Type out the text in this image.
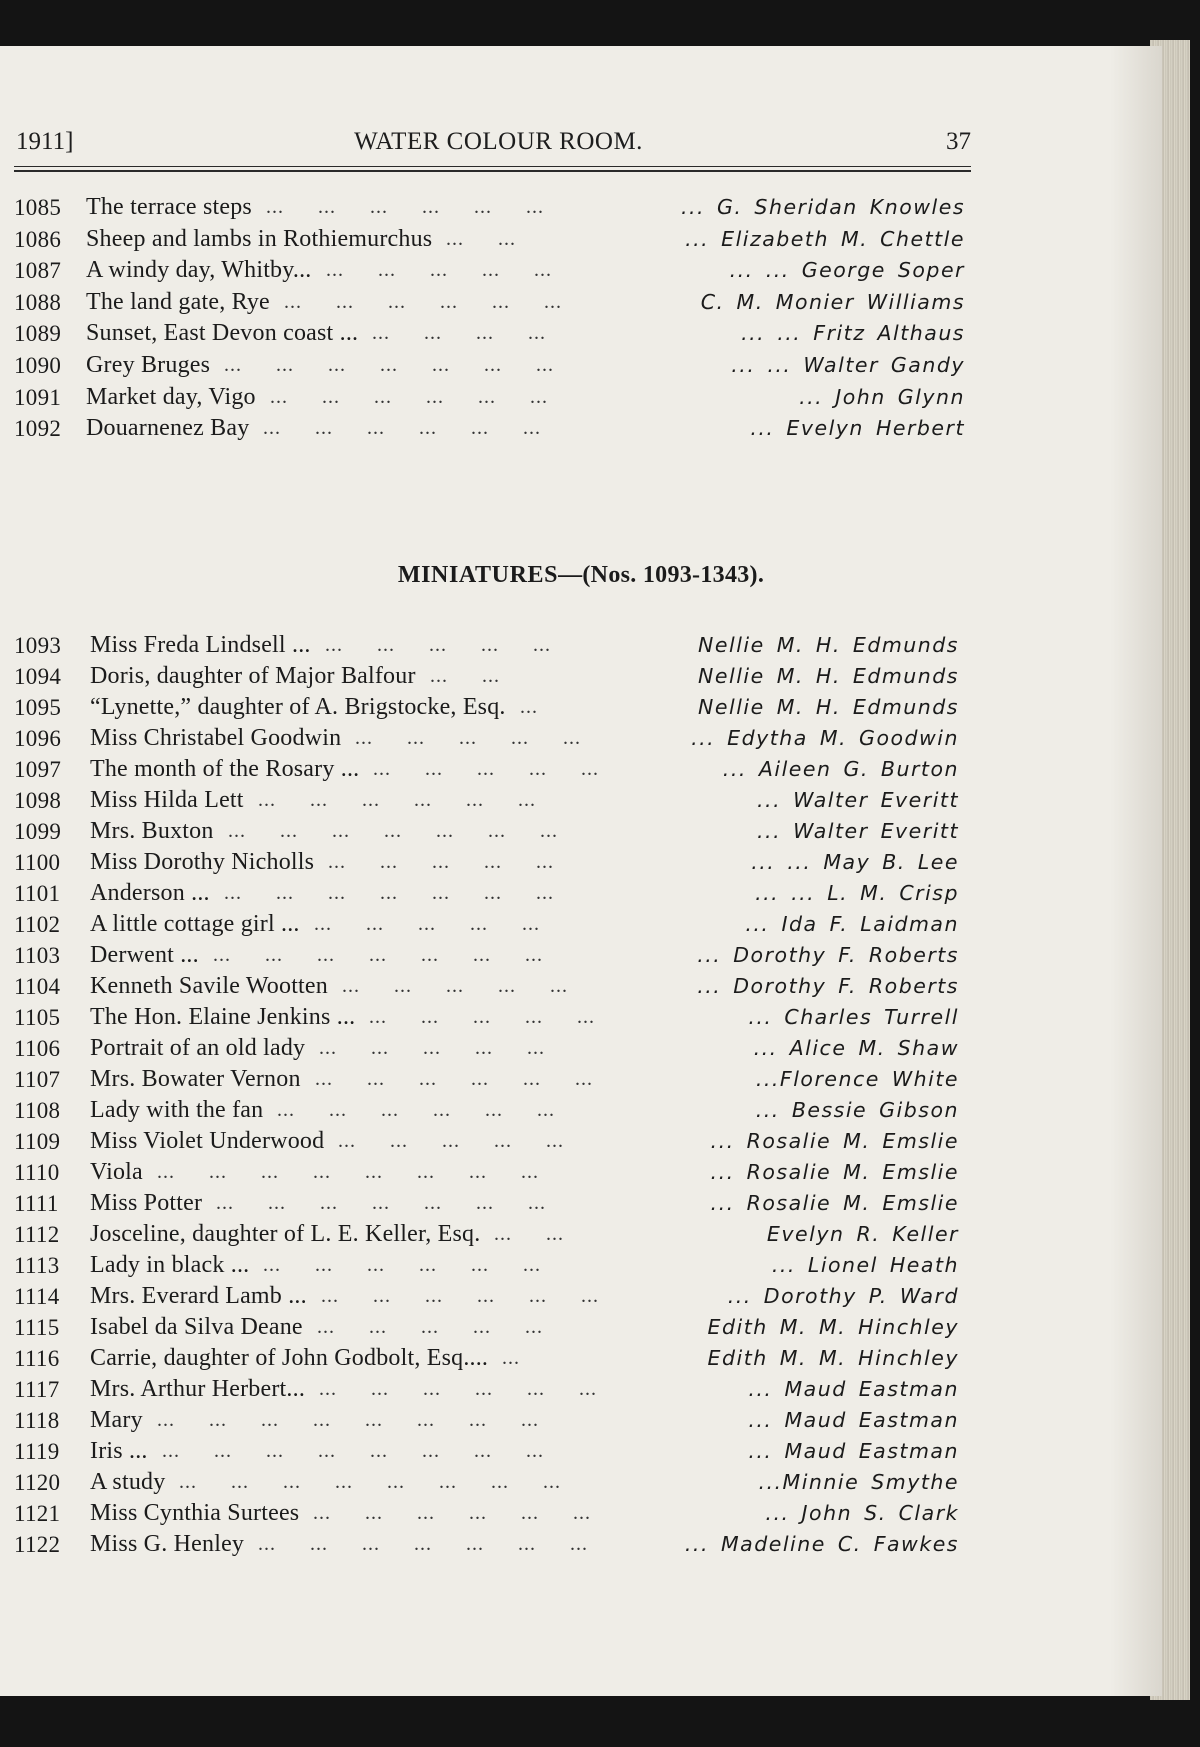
1911]	WATER COLOUR ROOM.	37
1085 The terrace steps ... ... ... ... ... ...	... G. Sheridan Knowles
1086 Sheep and lambs in Rothiemurchus ... ...	... Elizabeth M. Chettle
1087 A windy day, Whitby... ... ... ... ... ...	... ... George Soper
1088 The land gate, Rye ... ... ... ... ... ...	C. M. Monier Williams
1089 Sunset, East Devon coast ... ... ... ... ...	... ... Fritz Althaus
1090 Grey Bruges ... ... ... ... ... ... ...	... ... Walter Gandy
1091 Market day, Vigo ... ... ... ... ... ...	... John Glynn
1092 Douarnenez Bay ... ... ... ... ... ...	... Evelyn Herbert
MINIATURES—(Nos. 1093-1343).
1093 Miss Freda Lindsell ... ... ... ... ... ...	Nellie M. H. Edmunds
1094 Doris, daughter of Major Balfour ... ...	Nellie M. H. Edmunds
1095 “Lynette,” daughter of A. Brigstocke, Esq. ...	Nellie M. H. Edmunds
1096 Miss Christabel Goodwin ... ... ... ... ...	... Edytha M. Goodwin
1097 The month of the Rosary ... ... ... ... ... ...	... Aileen G. Burton
1098 Miss Hilda Lett ... ... ... ... ... ...	... Walter Everitt
1099 Mrs. Buxton ... ... ... ... ... ... ...	... Walter Everitt
1100 Miss Dorothy Nicholls ... ... ... ... ...	... ... May B. Lee
1101 Anderson ... ... ... ... ... ... ... ...	... ... L. M. Crisp
1102 A little cottage girl ... ... ... ... ... ...	... Ida F. Laidman
1103 Derwent ... ... ... ... ... ... ... ...	... Dorothy F. Roberts
1104 Kenneth Savile Wootten ... ... ... ... ...	... Dorothy F. Roberts
1105 The Hon. Elaine Jenkins ... ... ... ... ... ...	... Charles Turrell
1106 Portrait of an old lady ... ... ... ... ...	... Alice M. Shaw
1107 Mrs. Bowater Vernon ... ... ... ... ... ...	...Florence White
1108 Lady with the fan ... ... ... ... ... ...	... Bessie Gibson
1109 Miss Violet Underwood ... ... ... ... ...	... Rosalie M. Emslie
1110 Viola ... ... ... ... ... ... ... ...	... Rosalie M. Emslie
1111 Miss Potter ... ... ... ... ... ... ...	... Rosalie M. Emslie
1112 Josceline, daughter of L. E. Keller, Esq. ... ...	Evelyn R. Keller
1113 Lady in black ... ... ... ... ... ... ...	... Lionel Heath
1114 Mrs. Everard Lamb ... ... ... ... ... ... ...	... Dorothy P. Ward
1115 Isabel da Silva Deane ... ... ... ... ...	Edith M. M. Hinchley
1116 Carrie, daughter of John Godbolt, Esq.... ...	Edith M. M. Hinchley
1117 Mrs. Arthur Herbert... ... ... ... ... ... ...	... Maud Eastman
1118 Mary ... ... ... ... ... ... ... ...	... Maud Eastman
1119 Iris ... ... ... ... ... ... ... ... ...	... Maud Eastman
1120 A study ... ... ... ... ... ... ... ...	...Minnie Smythe
1121 Miss Cynthia Surtees ... ... ... ... ... ...	... John S. Clark
1122 Miss G. Henley ... ... ... ... ... ... ...	... Madeline C. Fawkes
